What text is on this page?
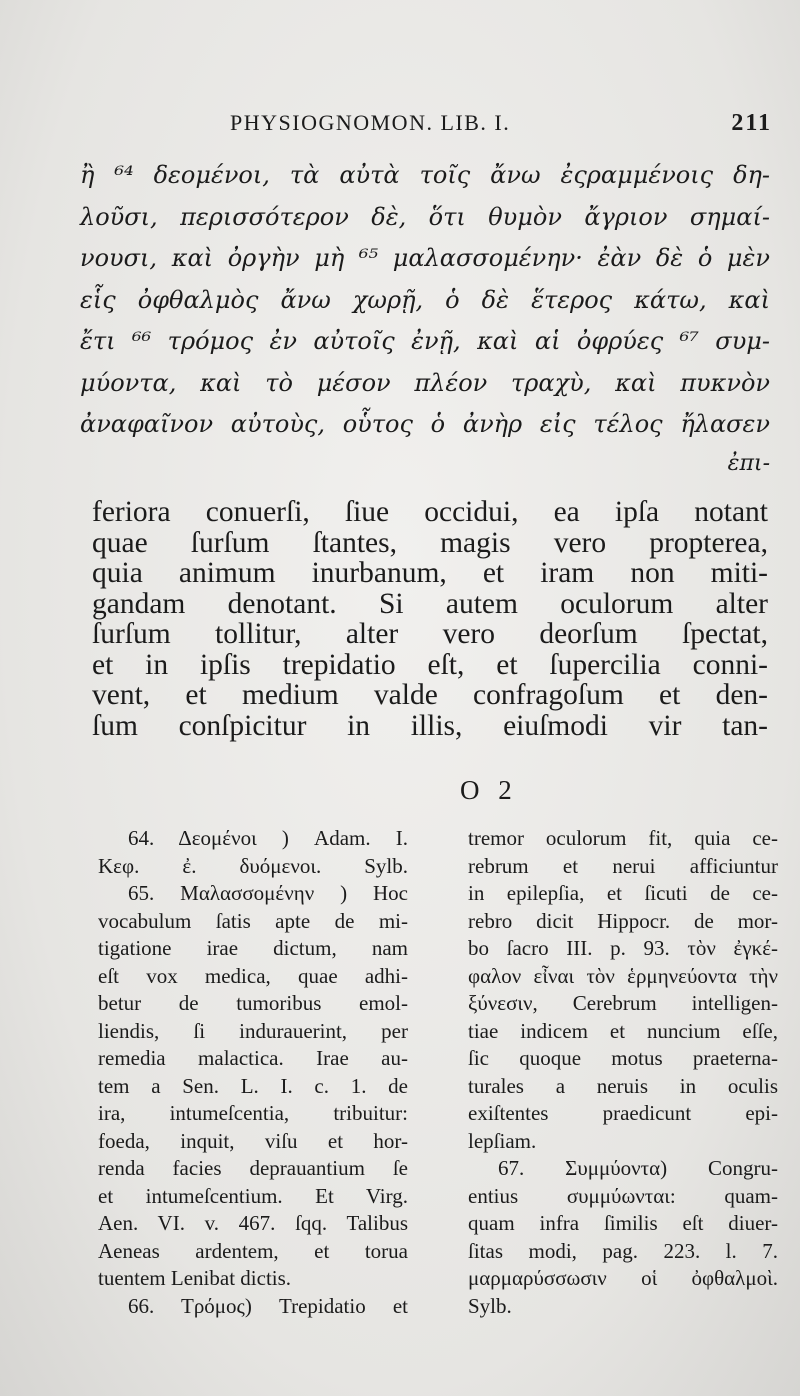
PHYSIOGNOMON. LIB. I.	211
ἢ ⁶⁴ δεομένοι, τὰ αὐτὰ τοῖς ἄνω ἐςραμμένοις δη-
λοῦσι, περισσότερον δὲ, ὅτι θυμὸν ἄγριον σημαί-
νουσι, καὶ ὀργὴν μὴ ⁶⁵ μαλασσομένην· ἐὰν δὲ ὁ μὲν
εἷς ὀφθαλμὸς ἄνω χωρῇ, ὁ δὲ ἕτερος κάτω, καὶ
ἔτι ⁶⁶ τρόμος ἐν αὐτοῖς ἐνῇ, καὶ αἱ ὀφρύες ⁶⁷ συμ-
μύοντα, καὶ τὸ μέσον πλέον τραχὺ, καὶ πυκνὸν
ἀναφαῖνον αὐτοὺς, οὗτος ὁ ἀνὴρ εἰς τέλος ἤλασεν
ἐπι-
feriora conuerſi, ſiue occidui, ea ipſa notant
quae ſurſum ſtantes, magis vero propterea,
quia animum inurbanum, et iram non miti-
gandam denotant. Si autem oculorum alter
ſurſum tollitur, alter vero deorſum ſpectat,
et in ipſis trepidatio eſt, et ſupercilia conni-
vent, et medium valde confragoſum et den-
ſum conſpicitur in illis, eiuſmodi vir tan-
O 2
64. Δεομένοι ) Adam. I.
Κεφ. ἐ. δυόμενοι. Sylb.
65. Μαλασσομένην ) Hoc
vocabulum ſatis apte de mi-
tigatione irae dictum, nam
eſt vox medica, quae adhi-
betur de tumoribus emol-
liendis, ſi indurauerint, per
remedia malactica. Irae au-
tem a Sen. L. I. c. 1. de
ira, intumeſcentia, tribuitur:
foeda, inquit, viſu et hor-
renda facies deprauantium ſe
et intumeſcentium. Et Virg.
Aen. VI. v. 467. ſqq. Talibus
Aeneas ardentem, et torua
tuentem Lenibat dictis.
66. Τρόμος) Trepidatio et
tremor oculorum fit, quia ce-
rebrum et nerui afficiuntur
in epilepſia, et ſicuti de ce-
rebro dicit Hippocr. de mor-
bo ſacro III. p. 93. τὸν ἐγκέ-
φαλον εἶναι τὸν ἑρμηνεύοντα τὴν
ξύνεσιν, Cerebrum intelligen-
tiae indicem et nuncium eſſe,
ſic quoque motus praeterna-
turales a neruis in oculis
exiſtentes praedicunt epi-
lepſiam.
67. Συμμύοντα) Congru-
entius συμμύωνται: quam-
quam infra ſimilis eſt diuer-
ſitas modi, pag. 223. l. 7.
μαρμαρύσσωσιν οἱ ὀφθαλμοὶ.
Sylb.
